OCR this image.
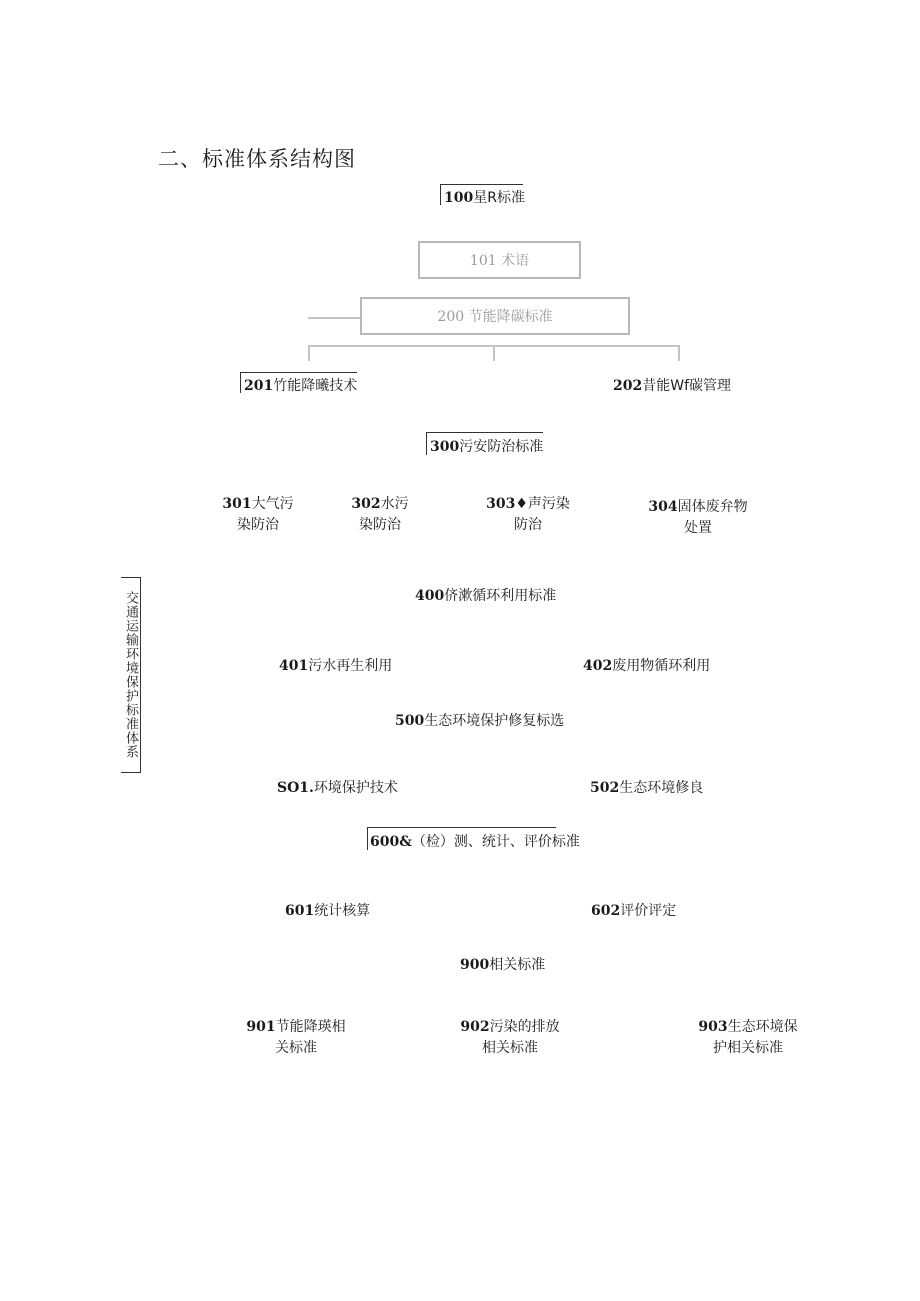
二、标准体系结构图
100星R标准
101 术语
200 节能降碳标准
201竹能降曦技术	202昔能Wf碳管理
300污安防治标准
301大气污
染防治
302水污
染防治
303♦声污染
防治
304固体废弁物
处置
交通运输环境保护标准体系	400侪漱循环利用标准
401污水再生利用	402废用物循环利用
500生态环境保护修复标选
SO1.环境保护技术	502生态环境修良
600&（检）测、统计、评价标准
601统计核算	602评价评定
900相关标准
901节能降瑛相
关标准
902污染的排放
相关标准
903生态环境保
护相关标准
